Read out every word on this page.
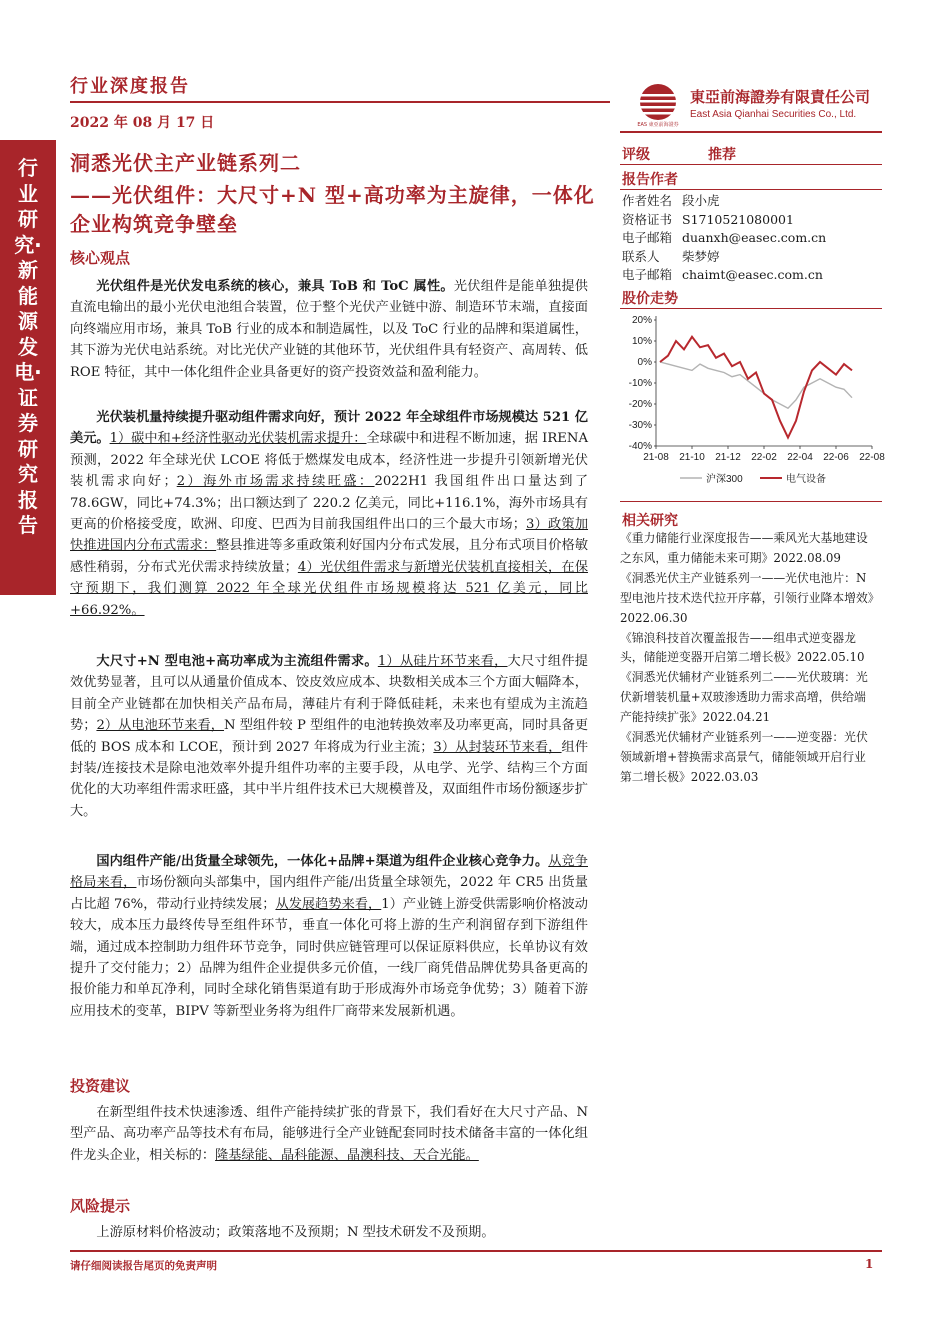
行业深度报告
2022 年 08 月 17 日	EAS 東亞前海證券
東亞前海證券有限責任公司
East Asia Qianhai Securities Co., Ltd.
行业研究·新能源发电·证券研究报告
洞悉光伏主产业链系列二
——光伏组件：大尺寸+N 型+高功率为主旋律，一体化企业构筑竞争壁垒
核心观点
光伏组件是光伏发电系统的核心，兼具 ToB 和 ToC 属性。光伏组件是能单独提供直流电输出的最小光伏电池组合装置，位于整个光伏产业链中游、制造环节末端，直接面向终端应用市场，兼具 ToB 行业的成本和制造属性，以及 ToC 行业的品牌和渠道属性，其下游为光伏电站系统。对比光伏产业链的其他环节，光伏组件具有轻资产、高周转、低 ROE 特征，其中一体化组件企业具备更好的资产投资效益和盈利能力。
光伏装机量持续提升驱动组件需求向好，预计 2022 年全球组件市场规模达 521 亿美元。1）碳中和+经济性驱动光伏装机需求提升：全球碳中和进程不断加速，据 IRENA 预测，2022 年全球光伏 LCOE 将低于燃煤发电成本，经济性进一步提升引领新增光伏装机需求向好；2）海外市场需求持续旺盛：2022H1 我国组件出口量达到了 78.6GW，同比+74.3%；出口额达到了 220.2 亿美元，同比+116.1%，海外市场具有更高的价格接受度，欧洲、印度、巴西为目前我国组件出口的三个最大市场；3）政策加快推进国内分布式需求：整县推进等多重政策利好国内分布式发展，且分布式项目价格敏感性稍弱，分布式光伏需求持续放量；4）光伏组件需求与新增光伏装机直接相关，在保守预期下，我们测算 2022 年全球光伏组件市场规模将达 521 亿美元，同比+66.92%。
大尺寸+N 型电池+高功率成为主流组件需求。1）从硅片环节来看，大尺寸组件提效优势显著，且可以从通量价值成本、饺皮效应成本、块数相关成本三个方面大幅降本，目前全产业链都在加快相关产品布局，薄硅片有利于降低硅耗，未来也有望成为主流趋势；2）从电池环节来看，N 型组件较 P 型组件的电池转换效率及功率更高，同时具备更低的 BOS 成本和 LCOE，预计到 2027 年将成为行业主流；3）从封装环节来看，组件封装/连接技术是除电池效率外提升组件功率的主要手段，从电学、光学、结构三个方面优化的大功率组件需求旺盛，其中半片组件技术已大规模普及，双面组件市场份额逐步扩大。
国内组件产能/出货量全球领先，一体化+品牌+渠道为组件企业核心竞争力。从竞争格局来看，市场份额向头部集中，国内组件产能/出货量全球领先，2022 年 CR5 出货量占比超 76%，带动行业持续发展；从发展趋势来看，1）产业链上游受供需影响价格波动较大，成本压力最终传导至组件环节，垂直一体化可将上游的生产利润留存到下游组件端，通过成本控制助力组件环节竞争，同时供应链管理可以保证原料供应，长单协议有效提升了交付能力；2）品牌为组件企业提供多元价值，一线厂商凭借品牌优势具备更高的报价能力和单瓦净利，同时全球化销售渠道有助于形成海外市场竞争优势；3）随着下游应用技术的变革，BIPV 等新型业务将为组件厂商带来发展新机遇。
投资建议
在新型组件技术快速渗透、组件产能持续扩张的背景下，我们看好在大尺寸产品、N 型产品、高功率产品等技术有布局，能够进行全产业链配套同时技术储备丰富的一体化组件龙头企业，相关标的：隆基绿能、晶科能源、晶澳科技、天合光能。
风险提示
上游原材料价格波动；政策落地不及预期；N 型技术研发不及预期。
评级	推荐
报告作者
作者姓名 段小虎
资格证书 S1710521080001
电子邮箱 duanxh@easec.com.cn
联系人 柴梦婷
电子邮箱 chaimt@easec.com.cn
股价走势
20%
10%
0%
-10%
-20%
-30%
-40%
21-08 21-10 21-12 22-02 22-04 22-06 22-08
沪深300	电气设备
相关研究

《重力储能行业深度报告——乘风光大基地建设之东风，重力储能未来可期》2022.08.09

《洞悉光伏主产业链系列一——光伏电池片：N 型电池片技术迭代拉开序幕，引领行业降本增效》2022.06.30

《锦浪科技首次覆盖报告——组串式逆变器龙头，储能逆变器开启第二增长极》2022.05.10

《洞悉光伏辅材产业链系列二——光伏玻璃：光伏新增装机量+双玻渗透助力需求高增，供给端产能持续扩张》2022.04.21

《洞悉光伏辅材产业链系列一——逆变器：光伏领域新增+替换需求高景气，储能领域开启行业第二增长极》2022.03.03

请仔细阅读报告尾页的免责声明	1
